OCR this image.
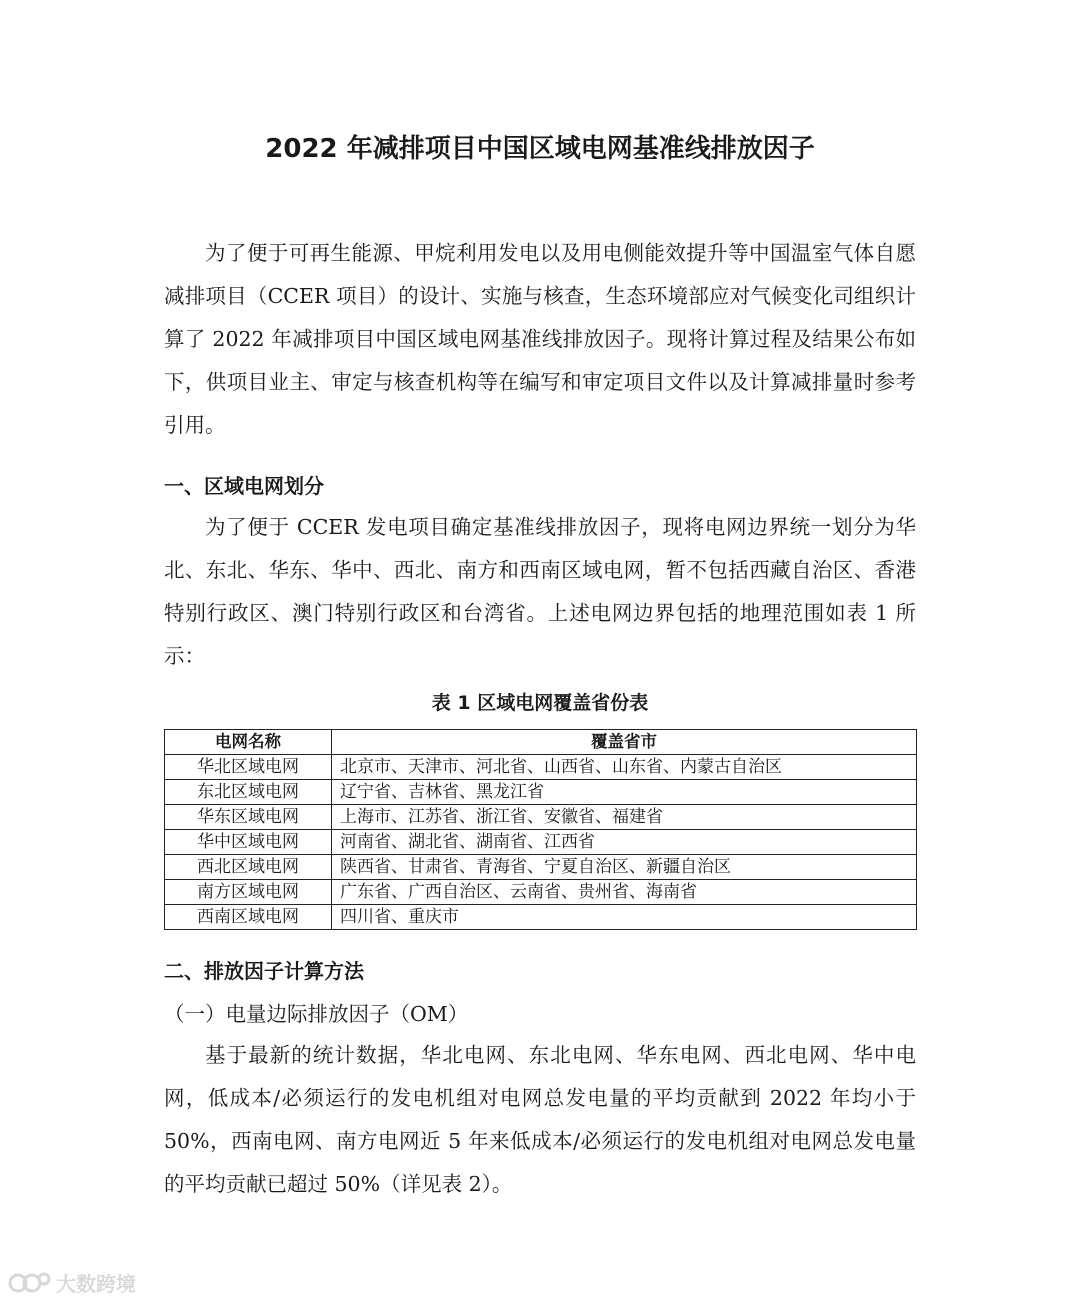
2022 年减排项目中国区域电网基准线排放因子

为了便于可再生能源、甲烷利用发电以及用电侧能效提升等中国温室气体自愿减排项目（CCER 项目）的设计、实施与核查，生态环境部应对气候变化司组织计算了 2022 年减排项目中国区域电网基准线排放因子。现将计算过程及结果公布如下，供项目业主、审定与核查机构等在编写和审定项目文件以及计算减排量时参考引用。

一、区域电网划分

为了便于 CCER 发电项目确定基准线排放因子，现将电网边界统一划分为华北、东北、华东、华中、西北、南方和西南区域电网，暂不包括西藏自治区、香港特别行政区、澳门特别行政区和台湾省。上述电网边界包括的地理范围如表 1 所示：

表 1 区域电网覆盖省份表
电网名称	覆盖省市
华北区域电网	北京市、天津市、河北省、山西省、山东省、内蒙古自治区
东北区域电网	辽宁省、吉林省、黑龙江省
华东区域电网	上海市、江苏省、浙江省、安徽省、福建省
华中区域电网	河南省、湖北省、湖南省、江西省
西北区域电网	陕西省、甘肃省、青海省、宁夏自治区、新疆自治区
南方区域电网	广东省、广西自治区、云南省、贵州省、海南省
西南区域电网	四川省、重庆市
二、排放因子计算方法
（一）电量边际排放因子（OM）

基于最新的统计数据，华北电网、东北电网、华东电网、西北电网、华中电网，低成本/必须运行的发电机组对电网总发电量的平均贡献到 2022 年均小于 50%，西南电网、南方电网近 5 年来低成本/必须运行的发电机组对电网总发电量的平均贡献已超过 50%（详见表 2）。

大数跨境
